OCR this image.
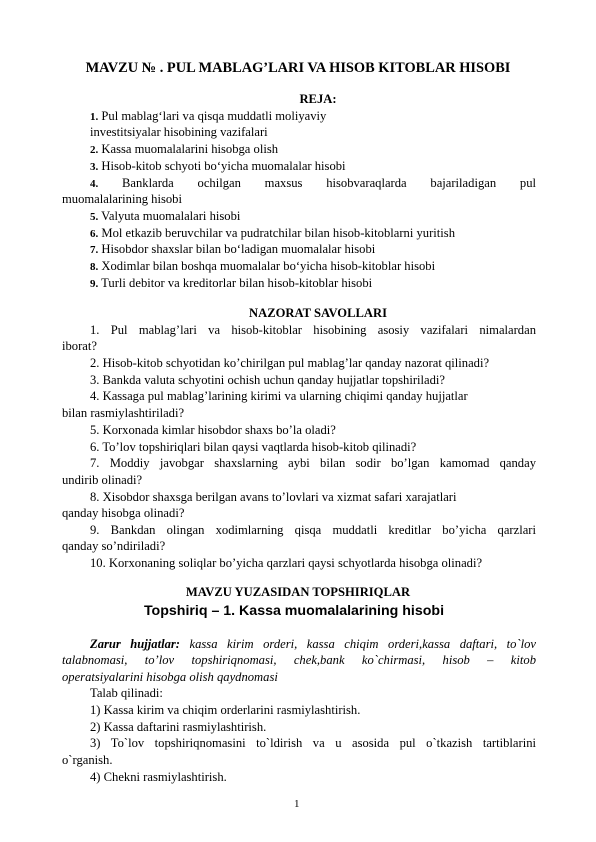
MAVZU № . PUL MABLAG’LARI VA HISOB KITOBLAR HISOBI
REJA:
1. Pul mablag‘lari va qisqa muddatli moliyaviy
investitsiyalar hisobining vazifalari
2. Kassa muomalalarini hisobga olish
3. Hisob-kitob schyoti bo‘yicha muomalalar hisobi
4. Banklarda ochilgan maxsus hisobvaraqlarda bajariladigan pul
muomalalarining hisobi
5. Valyuta muomalalari hisobi
6. Mol etkazib beruvchilar va pudratchilar bilan hisob-kitoblarni yuritish
7. Hisobdor shaxslar bilan bo‘ladigan muomalalar hisobi
8. Xodimlar bilan boshqa muomalalar bo‘yicha hisob-kitoblar hisobi
9. Turli debitor va kreditorlar bilan hisob-kitoblar hisobi
NAZORAT SAVOLLARI
1. Pul mablag’lari va hisob-kitoblar hisobining asosiy vazifalari nimalardan
iborat?
2. Hisob-kitob schyotidan ko’chirilgan pul mablag’lar qanday nazorat qilinadi?
3. Bankda valuta schyotini ochish uchun qanday hujjatlar topshiriladi?
4. Kassaga pul mablag’larining kirimi va ularning chiqimi qanday hujjatlar
bilan rasmiylashtiriladi?
5. Korxonada kimlar hisobdor shaxs bo’la oladi?
6. To’lov topshiriqlari bilan qaysi vaqtlarda hisob-kitob qilinadi?
7. Moddiy javobgar shaxslarning aybi bilan sodir bo’lgan kamomad qanday
undirib olinadi?
8. Xisobdor shaxsga berilgan avans to’lovlari va xizmat safari xarajatlari
qanday hisobga olinadi?
9. Bankdan olingan xodimlarning qisqa muddatli kreditlar bo’yicha qarzlari
qanday so’ndiriladi?
10. Korxonaning soliqlar bo’yicha qarzlari qaysi schyotlarda hisobga olinadi?
MAVZU YUZASIDAN TOPSHIRIQLAR
Topshiriq – 1. Kassa muomalalarining hisobi
Zarur hujjatlar: kassa kirim orderi, kassa chiqim orderi,kassa daftari, to`lov
talabnomasi, to’lov topshiriqnomasi, chek,bank ko`chirmasi, hisob – kitob
operatsiyalarini hisobga olish qaydnomasi
Talab qilinadi:
1) Kassa kirim va chiqim orderlarini rasmiylashtirish.
2) Kassa daftarini rasmiylashtirish.
3) To`lov topshiriqnomasini to`ldirish va u asosida pul o`tkazish tartiblarini
o`rganish.
4) Chekni rasmiylashtirish.
1
